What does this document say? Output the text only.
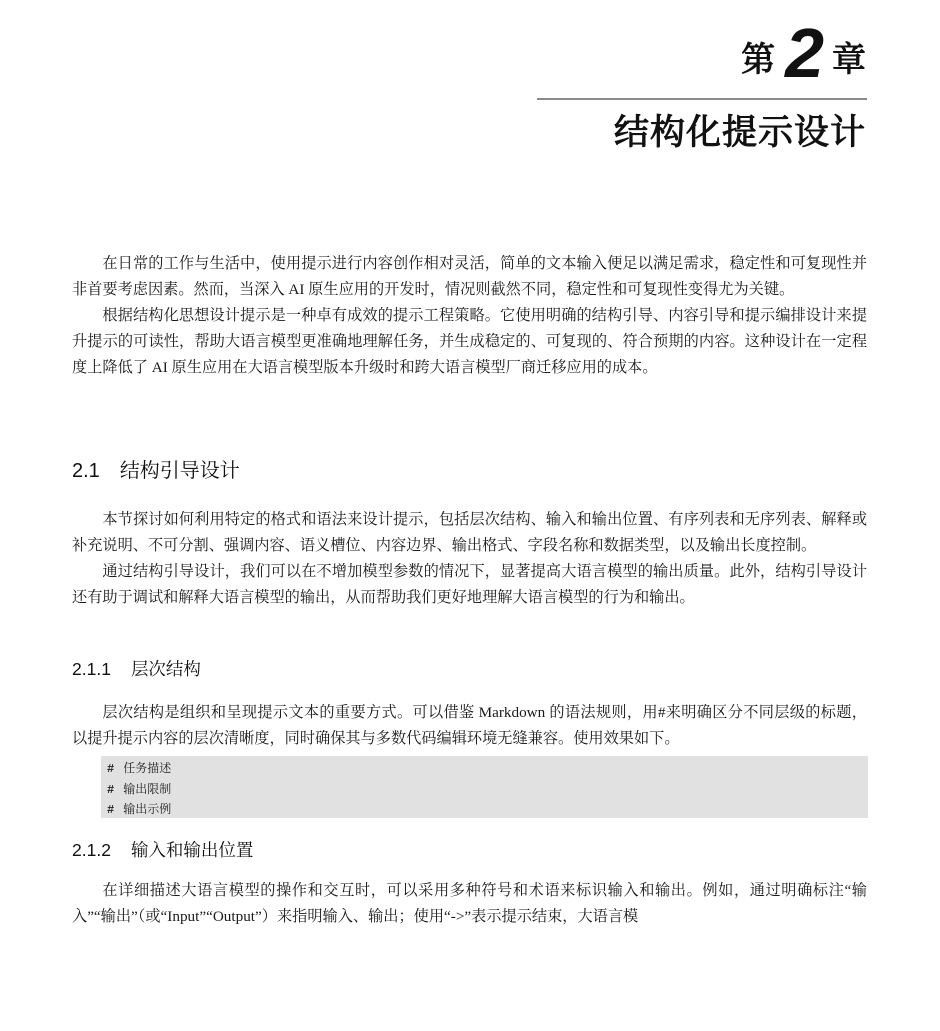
第 2 章
结构化提示设计

在日常的工作与生活中，使用提示进行内容创作相对灵活，简单的文本输入便足以满足需求，稳定性和可复现性并非首要考虑因素。然而，当深入 AI 原生应用的开发时，情况则截然不同，稳定性和可复现性变得尤为关键。

根据结构化思想设计提示是一种卓有成效的提示工程策略。它使用明确的结构引导、内容引导和提示编排设计来提升提示的可读性，帮助大语言模型更准确地理解任务，并生成稳定的、可复现的、符合预期的内容。这种设计在一定程度上降低了 AI 原生应用在大语言模型版本升级时和跨大语言模型厂商迁移应用的成本。

2.1 结构引导设计

本节探讨如何利用特定的格式和语法来设计提示，包括层次结构、输入和输出位置、有序列表和无序列表、解释或补充说明、不可分割、强调内容、语义槽位、内容边界、输出格式、字段名称和数据类型，以及输出长度控制。

通过结构引导设计，我们可以在不增加模型参数的情况下，显著提高大语言模型的输出质量。此外，结构引导设计还有助于调试和解释大语言模型的输出，从而帮助我们更好地理解大语言模型的行为和输出。

2.1.1 层次结构

层次结构是组织和呈现提示文本的重要方式。可以借鉴 Markdown 的语法规则，用#来明确区分不同层级的标题，以提升提示内容的层次清晰度，同时确保其与多数代码编辑环境无缝兼容。使用效果如下。

# 任务描述
# 输出限制
# 输出示例
2.1.2 输入和输出位置

在详细描述大语言模型的操作和交互时，可以采用多种符号和术语来标识输入和输出。例如，通过明确标注“输入”“输出”（或“Input”“Output”）来指明输入、输出；使用“->”表示提示结束，大语言模
